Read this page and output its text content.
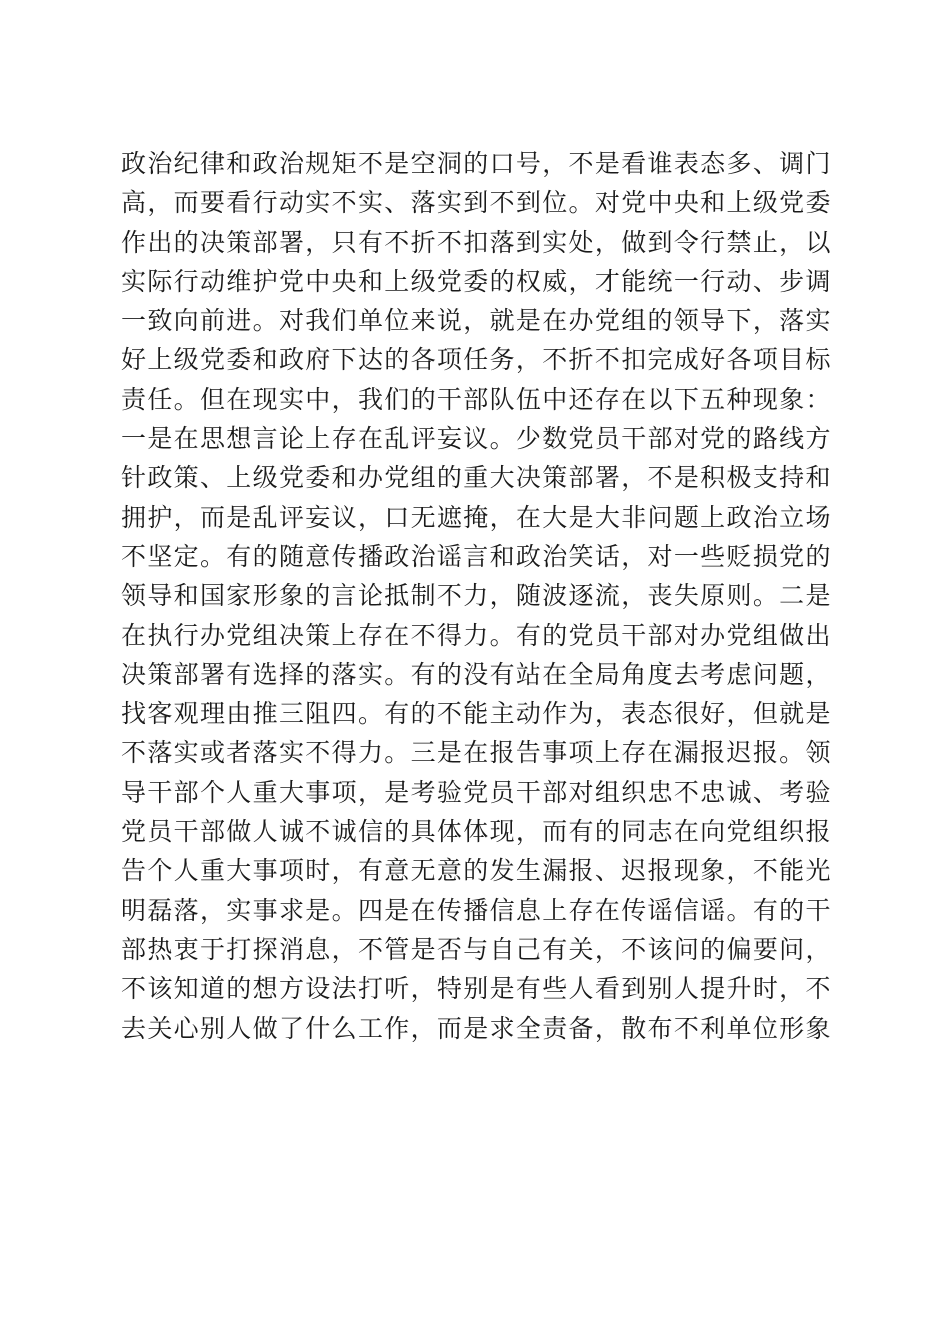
政治纪律和政治规矩不是空洞的口号，不是看谁表态多、调门
高，而要看行动实不实、落实到不到位。对党中央和上级党委
作出的决策部署，只有不折不扣落到实处，做到令行禁止，以
实际行动维护党中央和上级党委的权威，才能统一行动、步调
一致向前进。对我们单位来说，就是在办党组的领导下，落实
好上级党委和政府下达的各项任务，不折不扣完成好各项目标
责任。但在现实中，我们的干部队伍中还存在以下五种现象：
一是在思想言论上存在乱评妄议。少数党员干部对党的路线方
针政策、上级党委和办党组的重大决策部署，不是积极支持和
拥护，而是乱评妄议，口无遮掩，在大是大非问题上政治立场
不坚定。有的随意传播政治谣言和政治笑话，对一些贬损党的
领导和国家形象的言论抵制不力，随波逐流，丧失原则。二是
在执行办党组决策上存在不得力。有的党员干部对办党组做出
决策部署有选择的落实。有的没有站在全局角度去考虑问题，
找客观理由推三阻四。有的不能主动作为，表态很好，但就是
不落实或者落实不得力。三是在报告事项上存在漏报迟报。领
导干部个人重大事项，是考验党员干部对组织忠不忠诚、考验
党员干部做人诚不诚信的具体体现，而有的同志在向党组织报
告个人重大事项时，有意无意的发生漏报、迟报现象，不能光
明磊落，实事求是。四是在传播信息上存在传谣信谣。有的干
部热衷于打探消息，不管是否与自己有关，不该问的偏要问，
不该知道的想方设法打听，特别是有些人看到别人提升时，不
去关心别人做了什么工作，而是求全责备，散布不利单位形象
